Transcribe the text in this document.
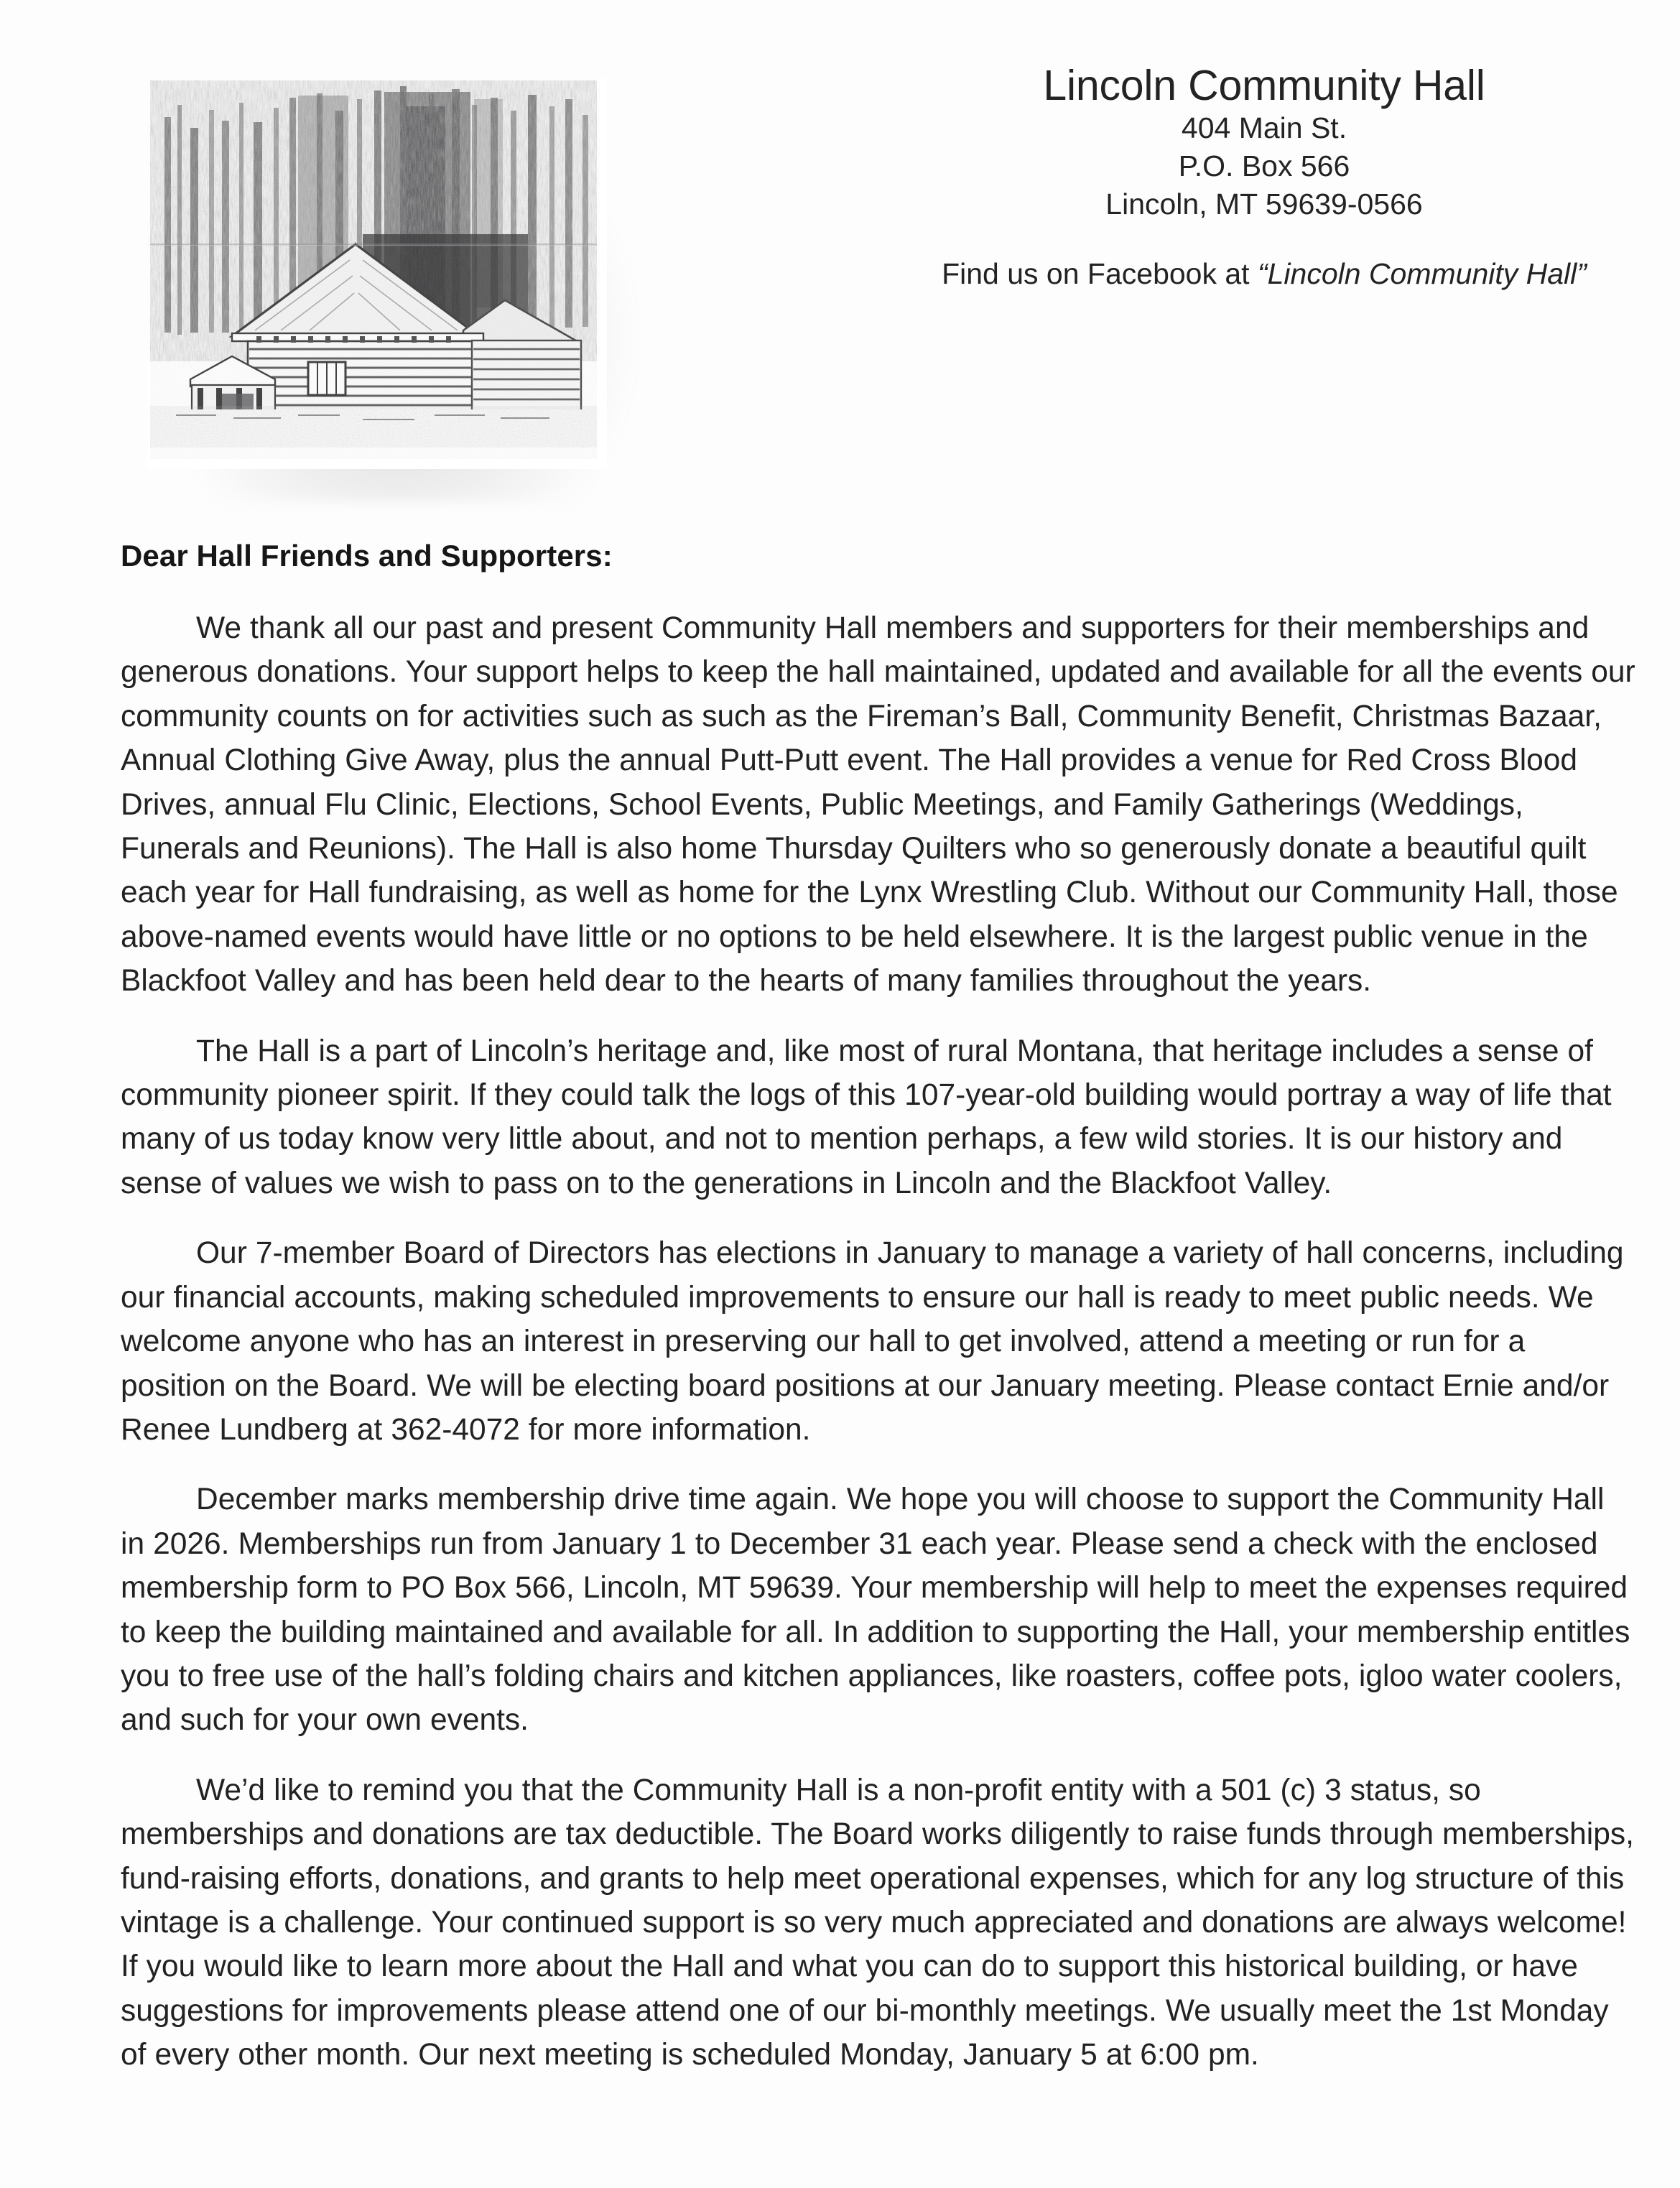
Lincoln Community Hall
404 Main St.
P.O. Box 566
Lincoln, MT 59639-0566
Find us on Facebook at “Lincoln Community Hall”
Dear Hall Friends and Supporters:

We thank all our past and present Community Hall members and supporters for their memberships and generous donations. Your support helps to keep the hall maintained, updated and available for all the events our community counts on for activities such as such as the Fireman’s Ball, Community Benefit, Christmas Bazaar, Annual Clothing Give Away, plus the annual Putt-Putt event. The Hall provides a venue for Red Cross Blood Drives, annual Flu Clinic, Elections, School Events, Public Meetings, and Family Gatherings (Weddings, Funerals and Reunions). The Hall is also home Thursday Quilters who so generously donate a beautiful quilt each year for Hall fundraising, as well as home for the Lynx Wrestling Club. Without our Community Hall, those above-named events would have little or no options to be held elsewhere. It is the largest public venue in the Blackfoot Valley and has been held dear to the hearts of many families throughout the years.

The Hall is a part of Lincoln’s heritage and, like most of rural Montana, that heritage includes a sense of community pioneer spirit. If they could talk the logs of this 107-year-old building would portray a way of life that many of us today know very little about, and not to mention perhaps, a few wild stories. It is our history and sense of values we wish to pass on to the generations in Lincoln and the Blackfoot Valley.

Our 7-member Board of Directors has elections in January to manage a variety of hall concerns, including our financial accounts, making scheduled improvements to ensure our hall is ready to meet public needs. We welcome anyone who has an interest in preserving our hall to get involved, attend a meeting or run for a position on the Board. We will be electing board positions at our January meeting. Please contact Ernie and/or Renee Lundberg at 362-4072 for more information.

December marks membership drive time again. We hope you will choose to support the Community Hall in 2026. Memberships run from January 1 to December 31 each year. Please send a check with the enclosed membership form to PO Box 566, Lincoln, MT 59639. Your membership will help to meet the expenses required to keep the building maintained and available for all. In addition to supporting the Hall, your membership entitles you to free use of the hall’s folding chairs and kitchen appliances, like roasters, coffee pots, igloo water coolers, and such for your own events.

We’d like to remind you that the Community Hall is a non-profit entity with a 501 (c) 3 status, so memberships and donations are tax deductible. The Board works diligently to raise funds through memberships, fund-raising efforts, donations, and grants to help meet operational expenses, which for any log structure of this vintage is a challenge. Your continued support is so very much appreciated and donations are always welcome! If you would like to learn more about the Hall and what you can do to support this historical building, or have suggestions for improvements please attend one of our bi-monthly meetings. We usually meet the 1st Monday of every other month. Our next meeting is scheduled Monday, January 5 at 6:00 pm.
